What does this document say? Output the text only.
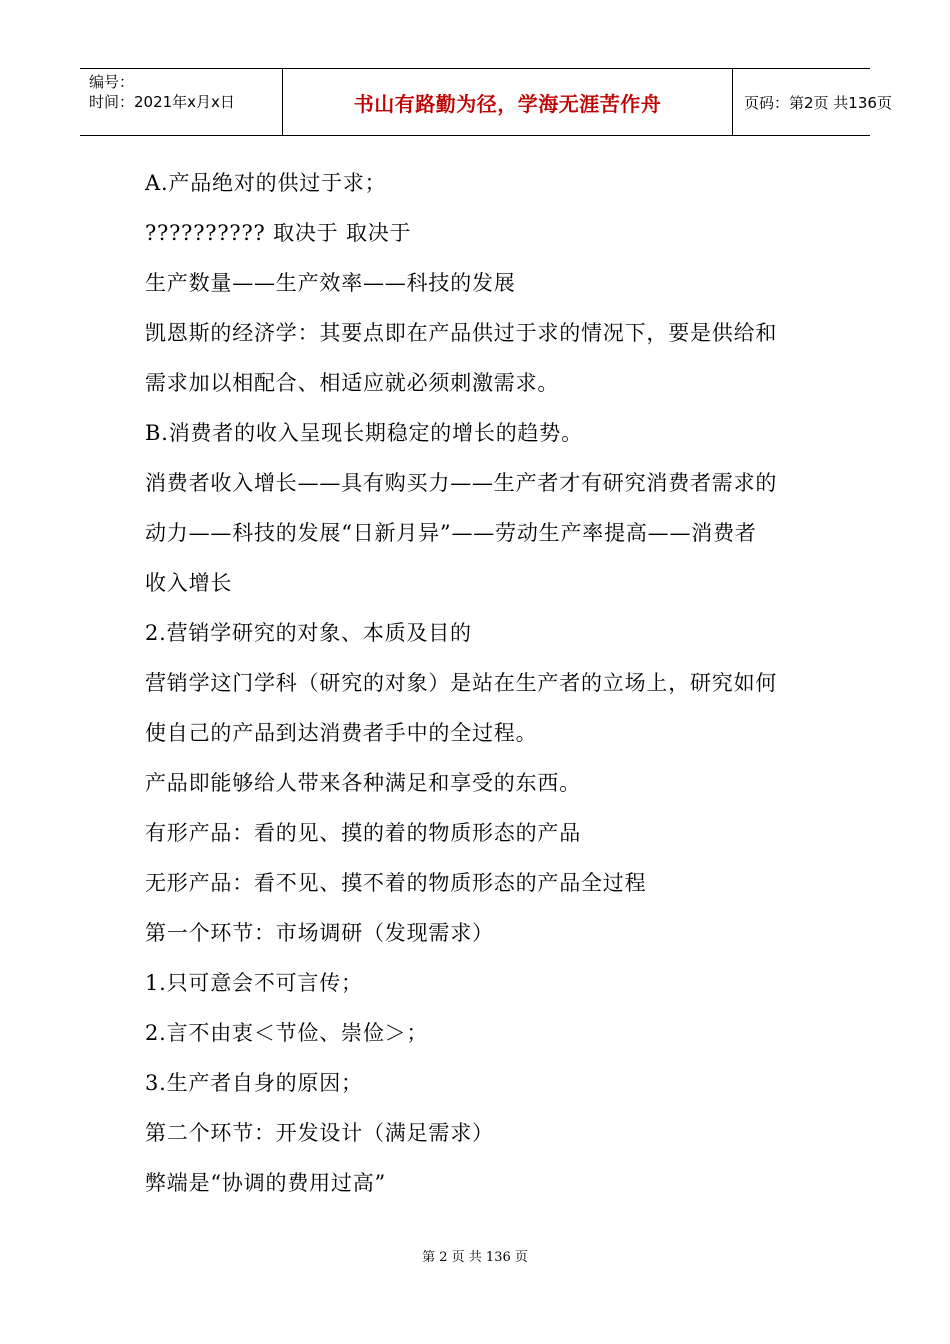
编号：
时间：2021年x月x日	书山有路勤为径，学海无涯苦作舟	页码：第2页 共136页
A.产品绝对的供过于求；
?????????? 取决于 取决于
生产数量——生产效率——科技的发展
凯恩斯的经济学：其要点即在产品供过于求的情况下，要是供给和
需求加以相配合、相适应就必须刺激需求。
B.消费者的收入呈现长期稳定的增长的趋势。
消费者收入增长——具有购买力——生产者才有研究消费者需求的
动力——科技的发展“日新月异”——劳动生产率提高——消费者
收入增长
2.营销学研究的对象、本质及目的
营销学这门学科（研究的对象）是站在生产者的立场上，研究如何
使自己的产品到达消费者手中的全过程。
产品即能够给人带来各种满足和享受的东西。
有形产品：看的见、摸的着的物质形态的产品
无形产品：看不见、摸不着的物质形态的产品全过程
第一个环节：市场调研（发现需求）
1.只可意会不可言传；
2.言不由衷＜节俭、崇俭＞；
3.生产者自身的原因；
第二个环节：开发设计（满足需求）
弊端是“协调的费用过高”
第 2 页 共 136 页
